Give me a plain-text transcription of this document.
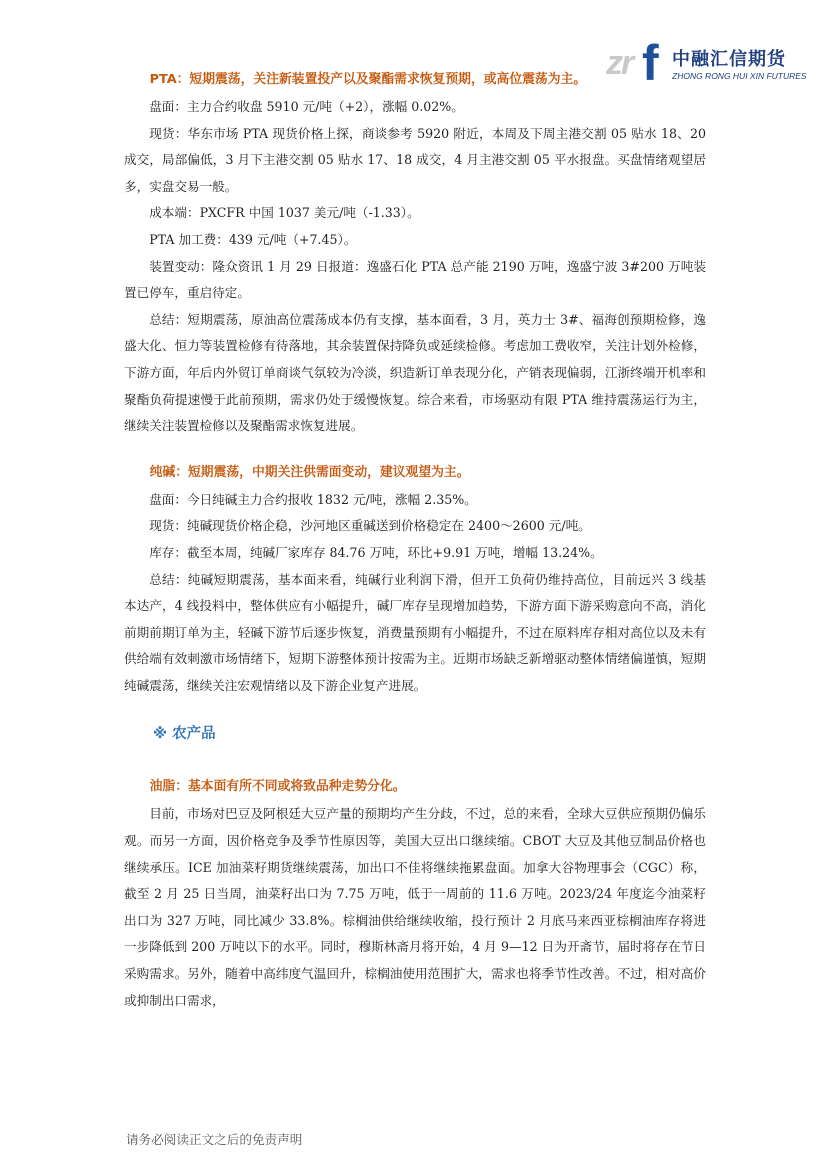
zr f 中融汇信期货
ZHONG RONG HUI XIN FUTURES
PTA：短期震荡，关注新装置投产以及聚酯需求恢复预期，或高位震荡为主。

盘面：主力合约收盘 5910 元/吨（+2），涨幅 0.02%。

现货：华东市场 PTA 现货价格上探，商谈参考 5920 附近，本周及下周主港交割 05 贴水 18、20 成交，局部偏低，3 月下主港交割 05 贴水 17、18 成交，4 月主港交割 05 平水报盘。买盘情绪观望居多，实盘交易一般。

成本端：PXCFR 中国 1037 美元/吨（-1.33）。

PTA 加工费：439 元/吨（+7.45）。

装置变动：隆众资讯 1 月 29 日报道：逸盛石化 PTA 总产能 2190 万吨，逸盛宁波 3#200 万吨装置已停车，重启待定。

总结：短期震荡，原油高位震荡成本仍有支撑，基本面看，3 月，英力士 3#、福海创预期检修，逸盛大化、恒力等装置检修有待落地，其余装置保持降负或延续检修。考虑加工费收窄，关注计划外检修，下游方面，年后内外贸订单商谈气氛较为冷淡，织造新订单表现分化，产销表现偏弱，江浙终端开机率和聚酯负荷提速慢于此前预期，需求仍处于缓慢恢复。综合来看，市场驱动有限 PTA 维持震荡运行为主，继续关注装置检修以及聚酯需求恢复进展。

纯碱：短期震荡，中期关注供需面变动，建议观望为主。

盘面：今日纯碱主力合约报收 1832 元/吨，涨幅 2.35%。

现货：纯碱现货价格企稳，沙河地区重碱送到价格稳定在 2400～2600 元/吨。

库存：截至本周，纯碱厂家库存 84.76 万吨，环比+9.91 万吨，增幅 13.24%。

总结：纯碱短期震荡，基本面来看，纯碱行业利润下滑，但开工负荷仍维持高位，目前远兴 3 线基本达产，4 线投料中，整体供应有小幅提升，碱厂库存呈现增加趋势，下游方面下游采购意向不高，消化前期前期订单为主，轻碱下游节后逐步恢复，消费量预期有小幅提升，不过在原料库存相对高位以及未有供给端有效刺激市场情绪下，短期下游整体预计按需为主。近期市场缺乏新增驱动整体情绪偏谨慎，短期纯碱震荡，继续关注宏观情绪以及下游企业复产进展。

※ 农产品
油脂：基本面有所不同或将致品种走势分化。

目前，市场对巴豆及阿根廷大豆产量的预期均产生分歧，不过，总的来看，全球大豆供应预期仍偏乐观。而另一方面，因价格竞争及季节性原因等，美国大豆出口继续缩。CBOT 大豆及其他豆制品价格也继续承压。ICE 加油菜籽期货继续震荡，加出口不佳将继续拖累盘面。加拿大谷物理事会（CGC）称，截至 2 月 25 日当周，油菜籽出口为 7.75 万吨，低于一周前的 11.6 万吨。2023/24 年度迄今油菜籽出口为 327 万吨，同比减少 33.8%。棕榈油供给继续收缩，投行预计 2 月底马来西亚棕榈油库存将进一步降低到 200 万吨以下的水平。同时，穆斯林斋月将开始，4 月 9—12 日为开斋节，届时将存在节日采购需求。另外，随着中高纬度气温回升，棕榈油使用范围扩大，需求也将季节性改善。不过，相对高价或抑制出口需求，

请务必阅读正文之后的免责声明
